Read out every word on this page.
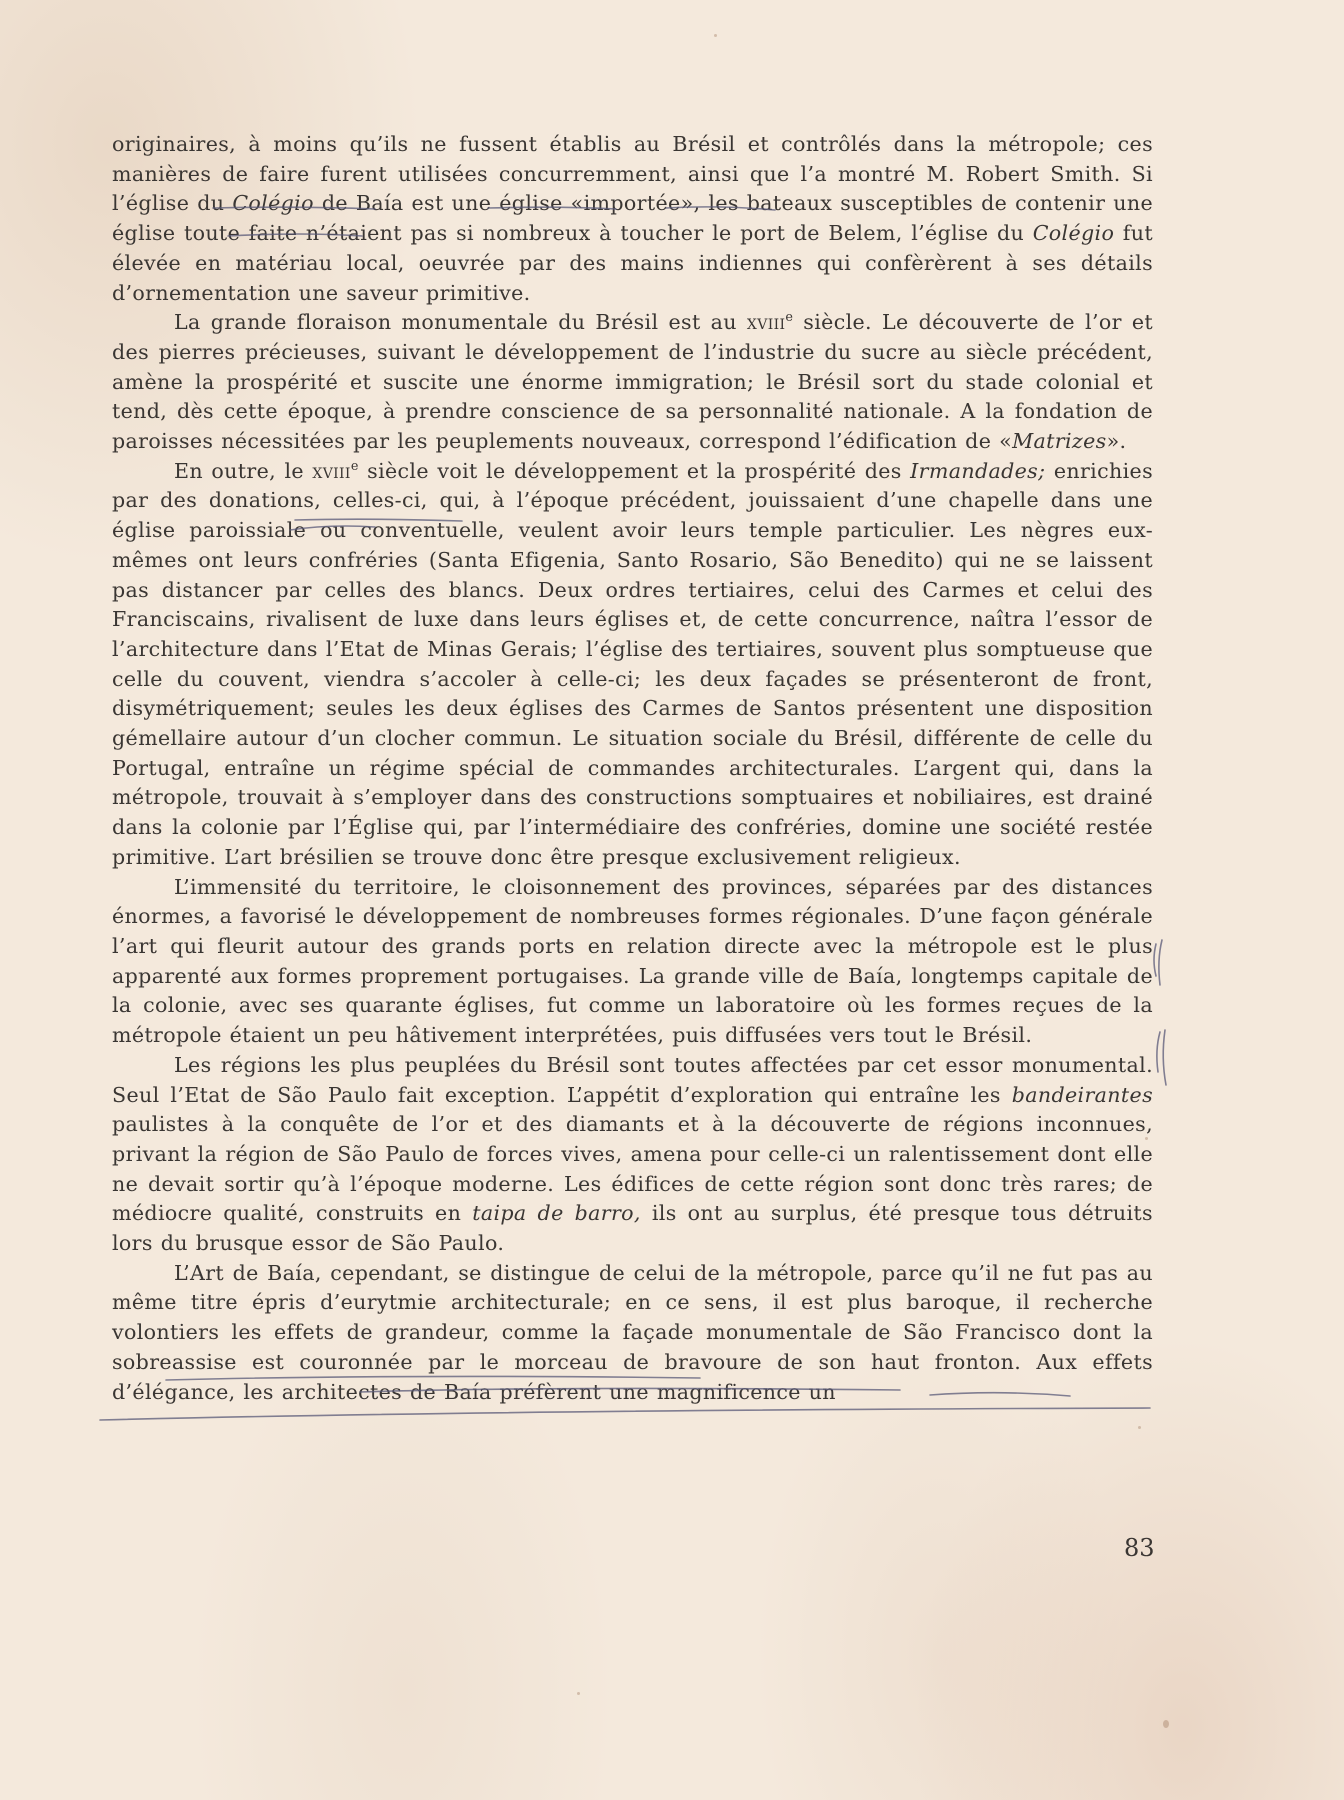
originaires, à moins qu’ils ne fussent établis au Brésil et contrôlés dans la métropole; ces manières de faire furent utilisées concurremment, ainsi que l’a montré M. Robert Smith. Si l’église du Colégio de Baía est une église «importée», les bateaux susceptibles de contenir une église toute faite n’étaient pas si nombreux à toucher le port de Belem, l’église du Colégio fut élevée en matériau local, oeuvrée par des mains indiennes qui confèrèrent à ses détails d’ornementation une saveur primitive.

La grande floraison monumentale du Brésil est au xviii$^e$ siècle. Le découverte de l’or et des pierres précieuses, suivant le développement de l’industrie du sucre au siècle précédent, amène la prospérité et suscite une énorme immigration; le Brésil sort du stade colonial et tend, dès cette époque, à prendre conscience de sa personnalité nationale. A la fondation de paroisses nécessitées par les peuplements nouveaux, correspond l’édification de «Matrizes».

En outre, le xviii$^e$ siècle voit le développement et la prospérité des Irmandades; enrichies par des donations, celles-ci, qui, à l’époque précédent, jouissaient d’une chapelle dans une église paroissiale ou conventuelle, veulent avoir leurs temple particulier. Les nègres eux-mêmes ont leurs confréries (Santa Efigenia, Santo Rosario, São Benedito) qui ne se laissent pas distancer par celles des blancs. Deux ordres tertiaires, celui des Carmes et celui des Franciscains, rivalisent de luxe dans leurs églises et, de cette concurrence, naîtra l’essor de l’architecture dans l’Etat de Minas Gerais; l’église des tertiaires, souvent plus somptueuse que celle du couvent, viendra s’accoler à celle-ci; les deux façades se présenteront de front, disymétriquement; seules les deux églises des Carmes de Santos présentent une disposition gémellaire autour d’un clocher commun. Le situation sociale du Brésil, différente de celle du Portugal, entraîne un régime spécial de commandes architecturales. L’argent qui, dans la métropole, trouvait à s’employer dans des constructions somptuaires et nobiliaires, est drainé dans la colonie par l’Église qui, par l’intermédiaire des confréries, domine une société restée primitive. L’art brésilien se trouve donc être presque exclusivement religieux.

L’immensité du territoire, le cloisonnement des provinces, séparées par des distances énormes, a favorisé le développement de nombreuses formes régionales. D’une façon générale l’art qui fleurit autour des grands ports en relation directe avec la métropole est le plus apparenté aux formes proprement portugaises. La grande ville de Baía, longtemps capitale de la colonie, avec ses quarante églises, fut comme un laboratoire où les formes reçues de la métropole étaient un peu hâtivement interprétées, puis diffusées vers tout le Brésil.

Les régions les plus peuplées du Brésil sont toutes affectées par cet essor monumental. Seul l’Etat de São Paulo fait exception. L’appétit d’exploration qui entraîne les bandeirantes paulistes à la conquête de l’or et des diamants et à la découverte de régions inconnues, privant la région de São Paulo de forces vives, amena pour celle-ci un ralentissement dont elle ne devait sortir qu’à l’époque moderne. Les édifices de cette région sont donc très rares; de médiocre qualité, construits en taipa de barro, ils ont au surplus, été presque tous détruits lors du brusque essor de São Paulo.

L’Art de Baía, cependant, se distingue de celui de la métropole, parce qu’il ne fut pas au même titre épris d’eurytmie architecturale; en ce sens, il est plus baroque, il recherche volontiers les effets de grandeur, comme la façade monumentale de São Francisco dont la sobreassise est couronnée par le morceau de bravoure de son haut fronton. Aux effets d’élégance, les architectes de Baía préfèrent une magnificence un

83
